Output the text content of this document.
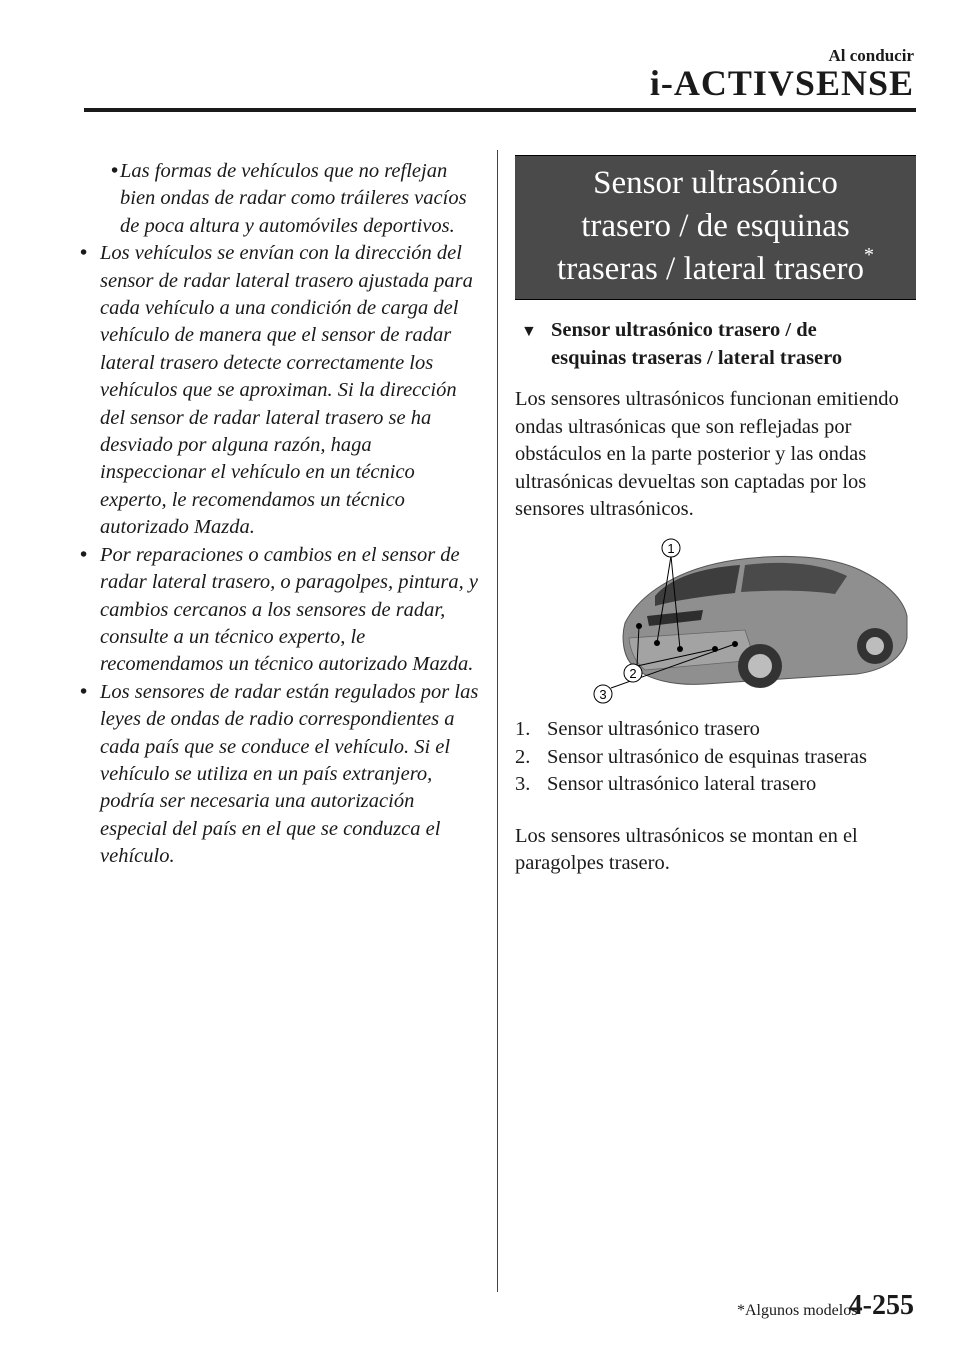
Al conducir
i-ACTIVSENSE

• Las formas de vehículos que no reflejan bien ondas de radar como tráileres vacíos de poca altura y automóviles deportivos.

• Los vehículos se envían con la dirección del sensor de radar lateral trasero ajustada para cada vehículo a una condición de carga del vehículo de manera que el sensor de radar lateral trasero detecte correctamente los vehículos que se aproximan. Si la dirección del sensor de radar lateral trasero se ha desviado por alguna razón, haga inspeccionar el vehículo en un técnico experto, le recomendamos un técnico autorizado Mazda.

• Por reparaciones o cambios en el sensor de radar lateral trasero, o paragolpes, pintura, y cambios cercanos a los sensores de radar, consulte a un técnico experto, le recomendamos un técnico autorizado Mazda.

• Los sensores de radar están regulados por las leyes de ondas de radio correspondientes a cada país que se conduce el vehículo. Si el vehículo se utiliza en un país extranjero, podría ser necesaria una autorización especial del país en el que se conduzca el vehículo.

Sensor ultrasónico
trasero / de esquinas
traseras / lateral trasero*
▼ Sensor ultrasónico trasero / de
esquinas traseras / lateral trasero
Los sensores ultrasónicos funcionan emitiendo ondas ultrasónicas que son reflejadas por obstáculos en la parte posterior y las ondas ultrasónicas devueltas son captadas por los sensores ultrasónicos.
1
2
3
1. Sensor ultrasónico trasero
2. Sensor ultrasónico de esquinas traseras
3. Sensor ultrasónico lateral trasero
Los sensores ultrasónicos se montan en el paragolpes trasero.
*Algunos modelos
4-255
